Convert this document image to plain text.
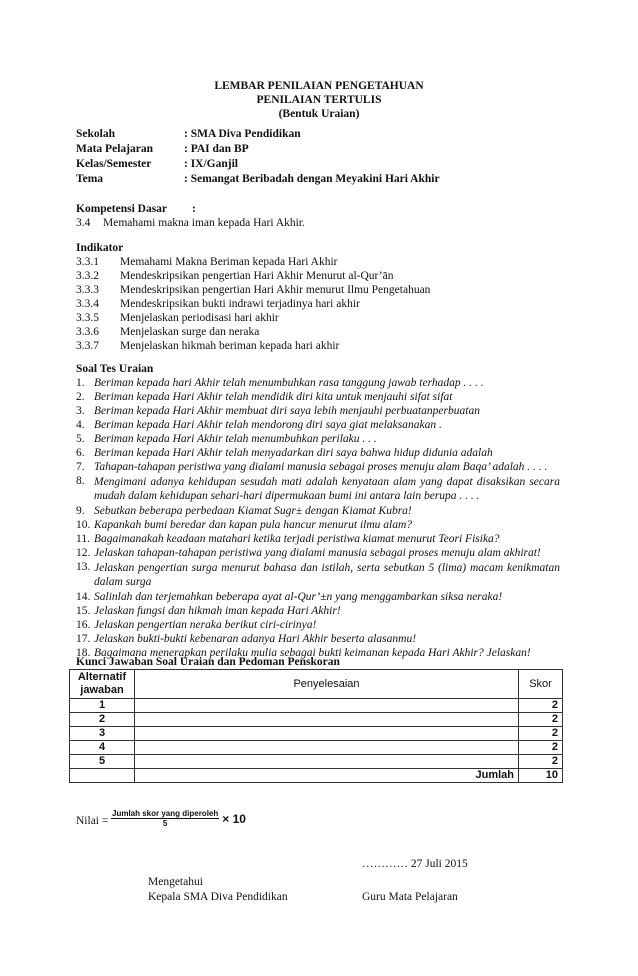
LEMBAR PENILAIAN PENGETAHUAN
PENILAIAN TERTULIS
(Bentuk Uraian)
Sekolah	: SMA Diva Pendidikan
Mata Pelajaran	: PAI dan BP
Kelas/Semester	: IX/Ganjil
Tema	: Semangat Beribadah dengan Meyakini Hari Akhir
Kompetensi Dasar :
3.4 Memahami makna iman kepada Hari Akhir.
Indikator
3.3.1 Memahami Makna Beriman kepada Hari Akhir
3.3.2 Mendeskripsikan pengertian Hari Akhir Menurut al-Qur’ān
3.3.3 Mendeskripsikan pengertian Hari Akhir menurut Ilmu Pengetahuan
3.3.4 Mendeskripsikan bukti indrawi terjadinya hari akhir
3.3.5 Menjelaskan periodisasi hari akhir
3.3.6 Menjelaskan surge dan neraka
3.3.7 Menjelaskan hikmah beriman kepada hari akhir
Soal Tes Uraian
1. Beriman kepada hari Akhir telah menumbuhkan rasa tanggung jawab terhadap . . . .
2. Beriman kepada Hari Akhir telah mendidik diri kita untuk menjauhi sifat sifat
3. Beriman kepada Hari Akhir membuat diri saya lebih menjauhi perbuatanperbuatan
4. Beriman kepada Hari Akhir telah mendorong diri saya giat melaksanakan .
5. Beriman kepada Hari Akhir telah menumbuhkan perilaku . . .
6. Beriman kepada Hari Akhir telah menyadarkan diri saya bahwa hidup didunia adalah
7. Tahapan-tahapan peristiwa yang dialami manusia sebagai proses menuju alam Baqa’ adalah . . . .
8. Mengimani adanya kehidupan sesudah mati adalah kenyataan alam yang dapat disaksikan secara mudah dalam kehidupan sehari-hari dipermukaan bumi ini antara lain berupa . . . .
9. Sebutkan beberapa perbedaan Kiamat Sugr± dengan Kiamat Kubra!
10. Kapankah bumi beredar dan kapan pula hancur menurut ilmu alam?
11. Bagaimanakah keadaan matahari ketika terjadi peristiwa kiamat menurut Teori Fisika?
12. Jelaskan tahapan-tahapan peristiwa yang dialami manusia sebagai proses menuju alam akhirat!
13. Jelaskan pengertian surga menurut bahasa dan istilah, serta sebutkan 5 (lima) macam kenikmatan dalam surga
14. Salinlah dan terjemahkan beberapa ayat al-Qur’±n yang menggambarkan siksa neraka!
15. Jelaskan fungsi dan hikmah iman kepada Hari Akhir!
16. Jelaskan pengertian neraka berikut ciri-cirinya!
17. Jelaskan bukti-bukti kebenaran adanya Hari Akhir beserta alasanmu!
18. Bagaimana menerapkan perilaku mulia sebagai bukti keimanan kepada Hari Akhir? Jelaskan!
Kunci Jawaban Soal Uraian dan Pedoman Penskoran
Alternatif jawaban	Penyelesaian	Skor
1		2
2		2
3		2
4		2
5		2
	Jumlah	10
Nilai = $\frac{\text{Jumlah skor yang diperoleh}}{5} \times 10$
………… 27 Juli 2015
Mengetahui
Kepala SMA Diva Pendidikan	Guru Mata Pelajaran
